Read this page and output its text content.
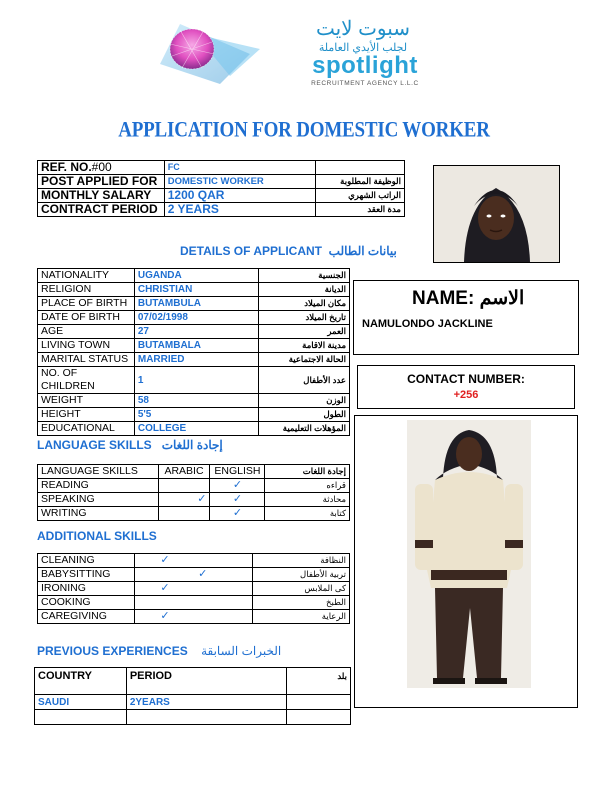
سبوت لايت
لجلب الأيدي العاملة
spotlight
RECRUITMENT AGENCY L.L.C
APPLICATION FOR DOMESTIC WORKER
REF. NO.#00	FC	
POST APPLIED FOR	DOMESTIC WORKER	الوظيفة المطلوبة
MONTHLY SALARY	1200 QAR	الراتب الشهري
CONTRACT PERIOD	2 YEARS	مدة العقد
DETAILS OF APPLICANT بيانات الطالب
NATIONALITY	UGANDA	الجنسية
RELIGION	CHRISTIAN	الديانة
PLACE OF BIRTH	BUTAMBULA	مكان الميلاد
DATE OF BIRTH	07/02/1998	تاريخ الميلاد
AGE	27	العمر
LIVING TOWN	BUTAMBALA	مدينة الاقامة
MARITAL STATUS	MARRIED	الحالة الاجتماعية
NO. OF CHILDREN	1	عدد الأطفال
WEIGHT	58	الوزن
HEIGHT	5'5	الطول
EDUCATIONAL	COLLEGE	المؤهلات التعليمية
NAME: الاسم
NAMULONDO JACKLINE
CONTACT NUMBER:
+256
LANGUAGE SKILLS إجادة اللغات
LANGUAGE SKILLS	ARABIC	ENGLISH	إجادة اللغات
READING		✓	قراءه
SPEAKING	✓	✓	محادثة
WRITING		✓	كتابة
ADDITIONAL SKILLS
CLEANING	✓		النظافة
BABYSITTING		✓	تربية الأطفال
IRONING	✓		كى الملابس
COOKING			الطبخ
CAREGIVING	✓		الرعاية
PREVIOUS EXPERIENCES الخبرات السابقة
COUNTRY	PERIOD	بلد
SAUDI	2YEARS	
